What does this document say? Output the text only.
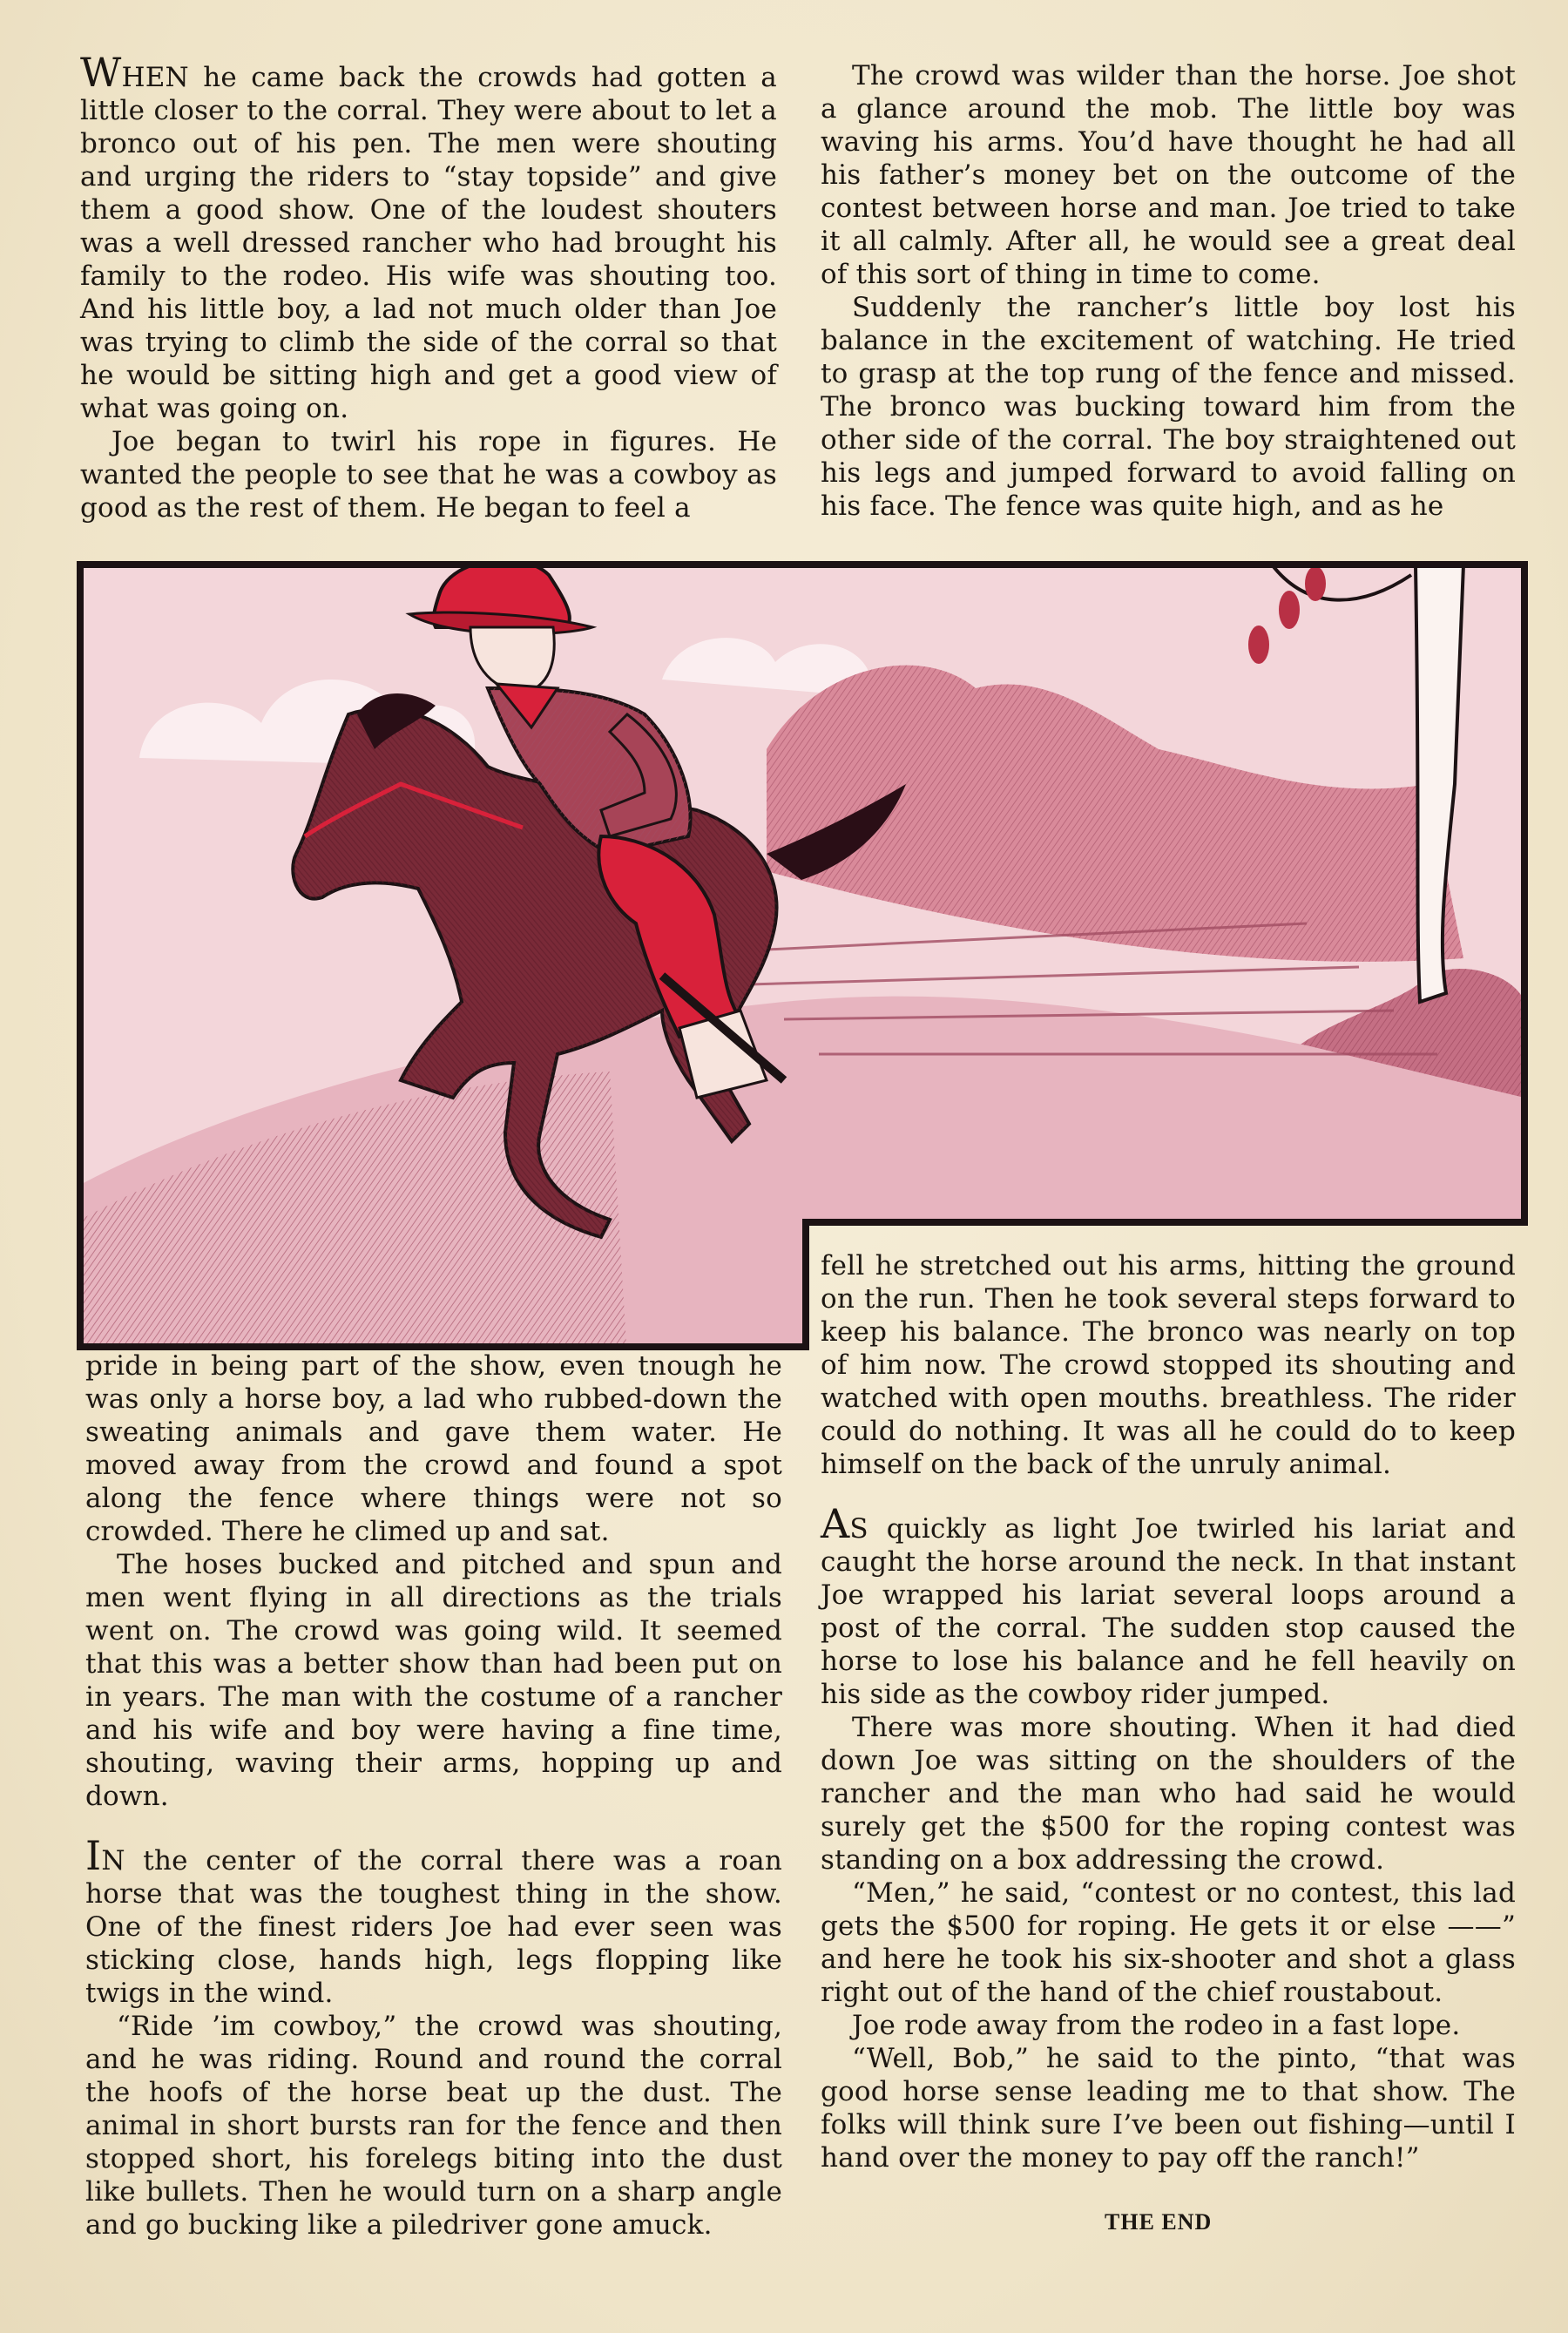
WHEN he came back the crowds had gotten a little closer to the corral. They were about to let a bronco out of his pen. The men were shouting and urging the riders to “stay topside” and give them a good show. One of the loudest shouters was a well dressed rancher who had brought his family to the rodeo. His wife was shouting too. And his little boy, a lad not much older than Joe was trying to climb the side of the corral so that he would be sitting high and get a good view of what was going on.

Joe began to twirl his rope in figures. He wanted the people to see that he was a cowboy as good as the rest of them. He began to feel a

The crowd was wilder than the horse. Joe shot a glance around the mob. The little boy was waving his arms. You’d have thought he had all his father’s money bet on the outcome of the contest between horse and man. Joe tried to take it all calmly. After all, he would see a great deal of this sort of thing in time to come.

Suddenly the rancher’s little boy lost his balance in the excitement of watching. He tried to grasp at the top rung of the fence and missed. The bronco was bucking toward him from the other side of the corral. The boy straightened out his legs and jumped forward to avoid falling on his face. The fence was quite high, and as he

pride in being part of the show, even tnough he was only a horse boy, a lad who rubbed-down the sweating animals and gave them water. He moved away from the crowd and found a spot along the fence where things were not so crowded. There he climed up and sat.

The hoses bucked and pitched and spun and men went flying in all directions as the trials went on. The crowd was going wild. It seemed that this was a better show than had been put on in years. The man with the costume of a rancher and his wife and boy were having a fine time, shouting, waving their arms, hopping up and down.

IN the center of the corral there was a roan horse that was the toughest thing in the show. One of the finest riders Joe had ever seen was sticking close, hands high, legs flopping like twigs in the wind.

“Ride ’im cowboy,” the crowd was shouting, and he was riding. Round and round the corral the hoofs of the horse beat up the dust. The animal in short bursts ran for the fence and then stopped short, his forelegs biting into the dust like bullets. Then he would turn on a sharp angle and go bucking like a piledriver gone amuck.

fell he stretched out his arms, hitting the ground on the run. Then he took several steps forward to keep his balance. The bronco was nearly on top of him now. The crowd stopped its shouting and watched with open mouths. breathless. The rider could do nothing. It was all he could do to keep himself on the back of the unruly animal.

AS quickly as light Joe twirled his lariat and caught the horse around the neck. In that instant Joe wrapped his lariat several loops around a post of the corral. The sudden stop caused the horse to lose his balance and he fell heavily on his side as the cowboy rider jumped.

There was more shouting. When it had died down Joe was sitting on the shoulders of the rancher and the man who had said he would surely get the $500 for the roping contest was standing on a box addressing the crowd.

“Men,” he said, “contest or no contest, this lad gets the $500 for roping. He gets it or else ——” and here he took his six-shooter and shot a glass right out of the hand of the chief roustabout.

Joe rode away from the rodeo in a fast lope.

“Well, Bob,” he said to the pinto, “that was good horse sense leading me to that show. The folks will think sure I’ve been out fishing—until I hand over the money to pay off the ranch!”

THE END
